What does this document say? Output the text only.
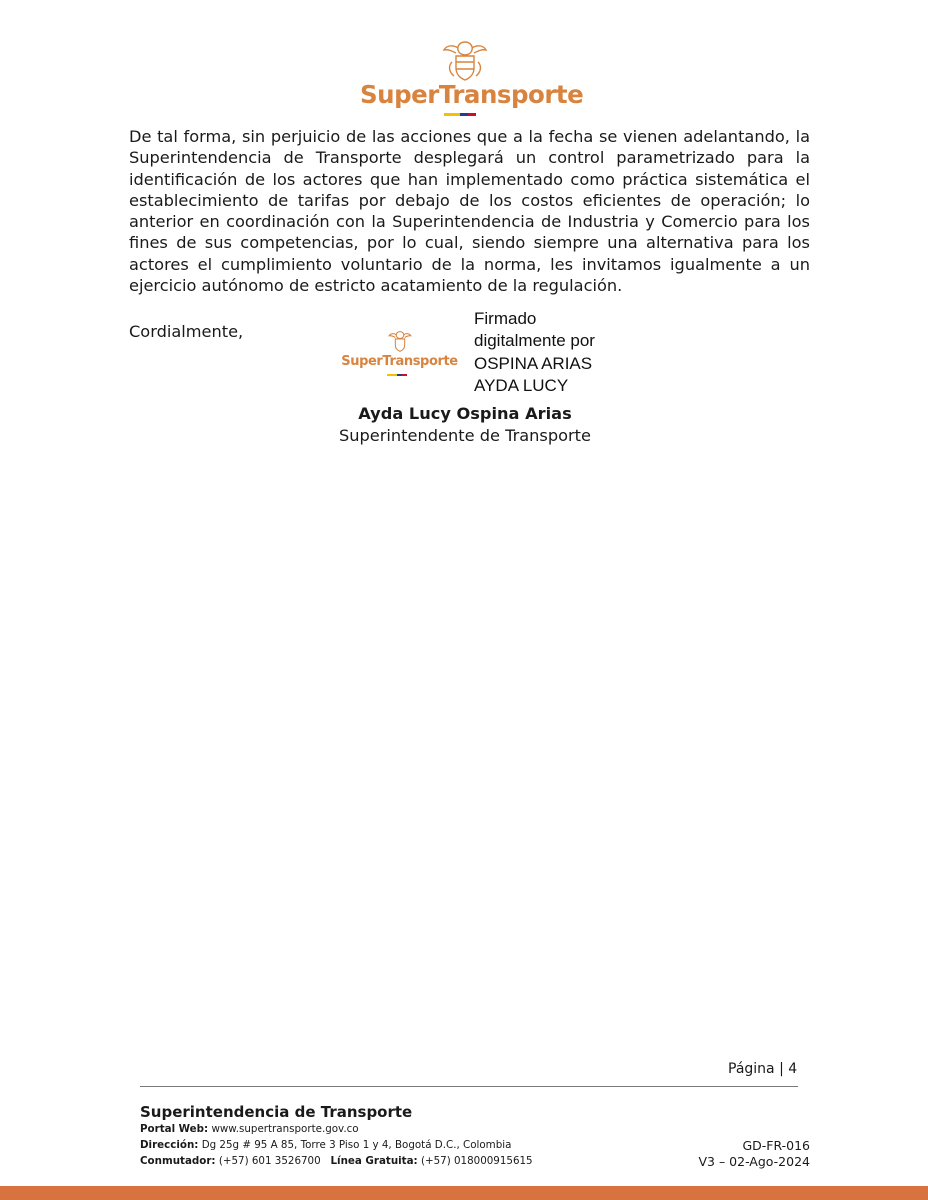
SuperTransporte

De tal forma, sin perjuicio de las acciones que a la fecha se vienen adelantando, la Superintendencia de Transporte desplegará un control parametrizado para la identificación de los actores que han implementado como práctica sistemática el establecimiento de tarifas por debajo de los costos eficientes de operación; lo anterior en coordinación con la Superintendencia de Industria y Comercio para los fines de sus competencias, por lo cual, siendo siempre una alternativa para los actores el cumplimiento voluntario de la norma, les invitamos igualmente a un ejercicio autónomo de estricto acatamiento de la regulación.

Cordialmente,

SuperTransporte
Firmado
digitalmente por
OSPINA ARIAS
AYDA LUCY
Ayda Lucy Ospina Arias
Superintendente de Transporte
Página | 4
Superintendencia de Transporte
Portal Web: www.supertransporte.gov.co
Dirección: Dg 25g # 95 A 85, Torre 3 Piso 1 y 4, Bogotá D.C., Colombia
Conmutador: (+57) 601 3526700 Línea Gratuita: (+57) 018000915615
GD-FR-016
V3 – 02-Ago-2024
